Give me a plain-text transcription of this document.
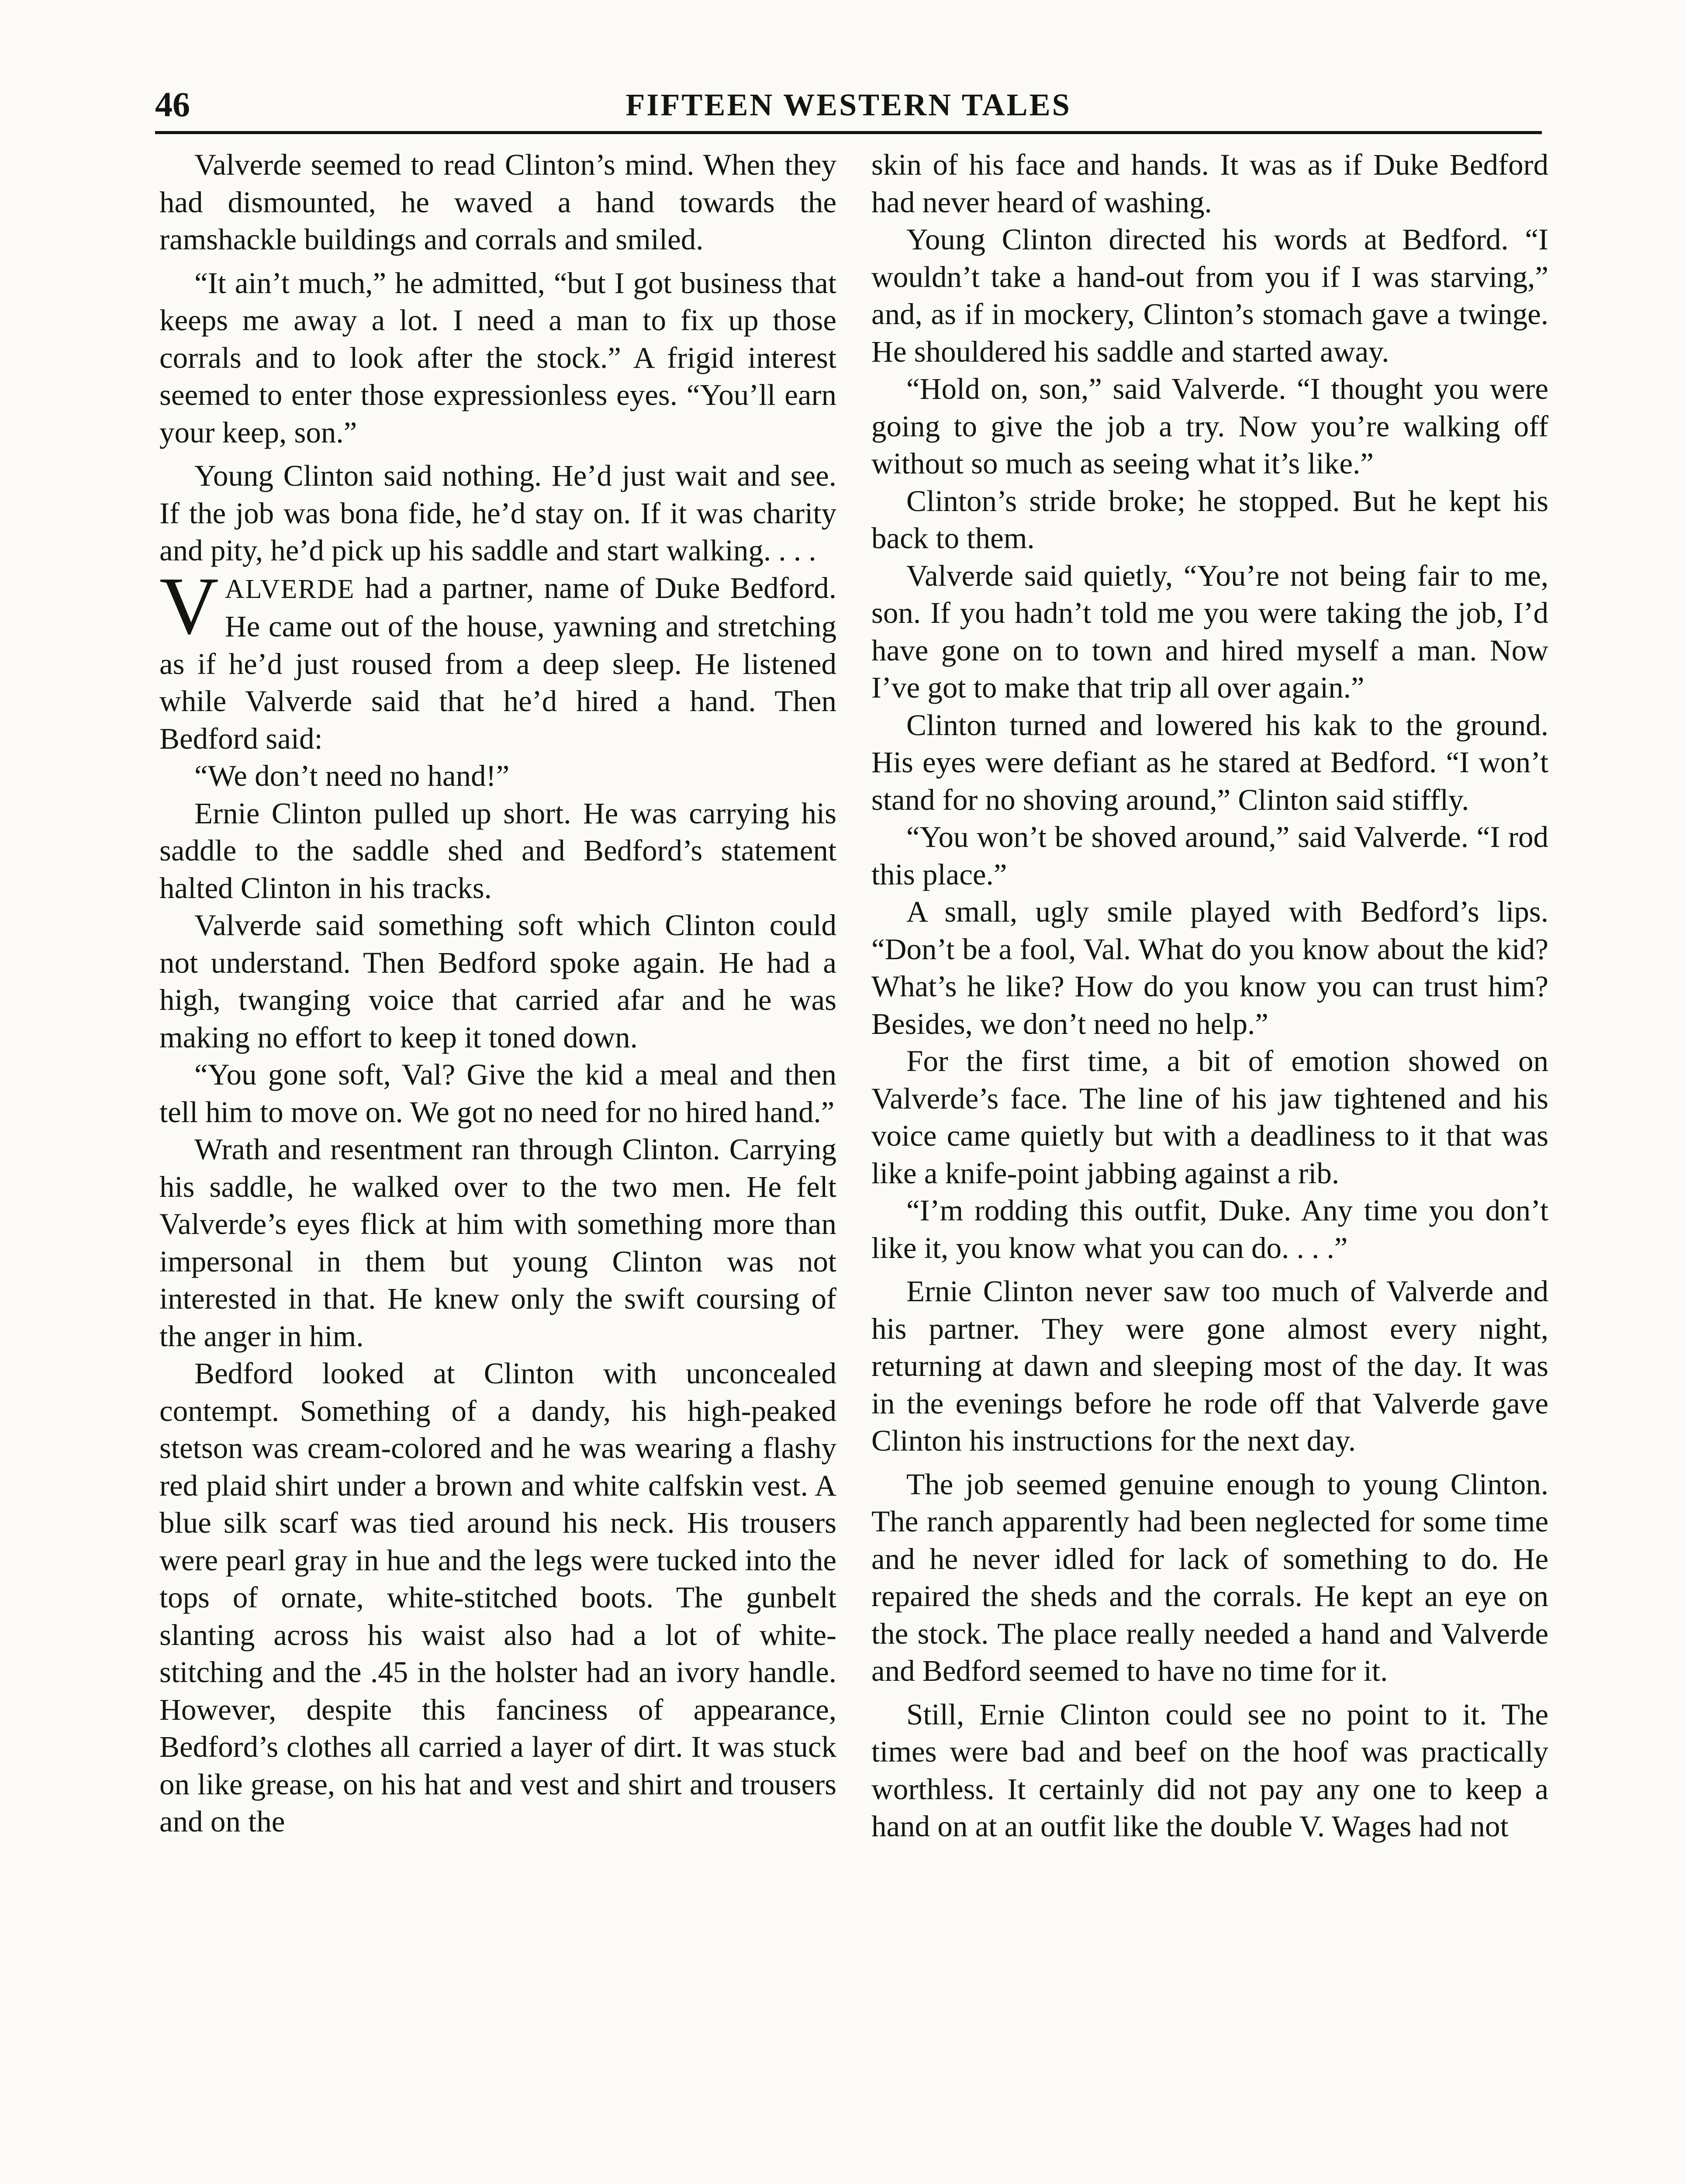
46	FIFTEEN WESTERN TALES

Valverde seemed to read Clinton’s mind. When they had dismounted, he waved a hand towards the ramshackle buildings and corrals and smiled.

“It ain’t much,” he admitted, “but I got business that keeps me away a lot. I need a man to fix up those corrals and to look after the stock.” A frigid interest seemed to enter those expressionless eyes. “You’ll earn your keep, son.”

Young Clinton said nothing. He’d just wait and see. If the job was bona fide, he’d stay on. If it was charity and pity, he’d pick up his saddle and start walking. . . .

VALVERDE had a partner, name of Duke Bedford. He came out of the house, yawning and stretching as if he’d just roused from a deep sleep. He listened while Valverde said that he’d hired a hand. Then Bedford said:

“We don’t need no hand!”

Ernie Clinton pulled up short. He was carrying his saddle to the saddle shed and Bedford’s statement halted Clinton in his tracks.

Valverde said something soft which Clinton could not understand. Then Bedford spoke again. He had a high, twanging voice that carried afar and he was making no effort to keep it toned down.

“You gone soft, Val? Give the kid a meal and then tell him to move on. We got no need for no hired hand.”

Wrath and resentment ran through Clinton. Carrying his saddle, he walked over to the two men. He felt Valverde’s eyes flick at him with something more than impersonal in them but young Clinton was not interested in that. He knew only the swift coursing of the anger in him.

Bedford looked at Clinton with unconcealed contempt. Something of a dandy, his high-peaked stetson was cream-colored and he was wearing a flashy red plaid shirt under a brown and white calfskin vest. A blue silk scarf was tied around his neck. His trousers were pearl gray in hue and the legs were tucked into the tops of ornate, white-stitched boots. The gunbelt slanting across his waist also had a lot of white-stitching and the .45 in the holster had an ivory handle. However, despite this fanciness of appearance, Bedford’s clothes all carried a layer of dirt. It was stuck on like grease, on his hat and vest and shirt and trousers and on the

skin of his face and hands. It was as if Duke Bedford had never heard of washing.

Young Clinton directed his words at Bedford. “I wouldn’t take a hand-out from you if I was starving,” and, as if in mockery, Clinton’s stomach gave a twinge. He shouldered his saddle and started away.

“Hold on, son,” said Valverde. “I thought you were going to give the job a try. Now you’re walking off without so much as seeing what it’s like.”

Clinton’s stride broke; he stopped. But he kept his back to them.

Valverde said quietly, “You’re not being fair to me, son. If you hadn’t told me you were taking the job, I’d have gone on to town and hired myself a man. Now I’ve got to make that trip all over again.”

Clinton turned and lowered his kak to the ground. His eyes were defiant as he stared at Bedford. “I won’t stand for no shoving around,” Clinton said stiffly.

“You won’t be shoved around,” said Valverde. “I rod this place.”

A small, ugly smile played with Bedford’s lips. “Don’t be a fool, Val. What do you know about the kid? What’s he like? How do you know you can trust him? Besides, we don’t need no help.”

For the first time, a bit of emotion showed on Valverde’s face. The line of his jaw tightened and his voice came quietly but with a deadliness to it that was like a knife-point jabbing against a rib.

“I’m rodding this outfit, Duke. Any time you don’t like it, you know what you can do. . . .”

Ernie Clinton never saw too much of Valverde and his partner. They were gone almost every night, returning at dawn and sleeping most of the day. It was in the evenings before he rode off that Valverde gave Clinton his instructions for the next day.

The job seemed genuine enough to young Clinton. The ranch apparently had been neglected for some time and he never idled for lack of something to do. He repaired the sheds and the corrals. He kept an eye on the stock. The place really needed a hand and Valverde and Bedford seemed to have no time for it.

Still, Ernie Clinton could see no point to it. The times were bad and beef on the hoof was practically worthless. It certainly did not pay any one to keep a hand on at an outfit like the double V. Wages had not
